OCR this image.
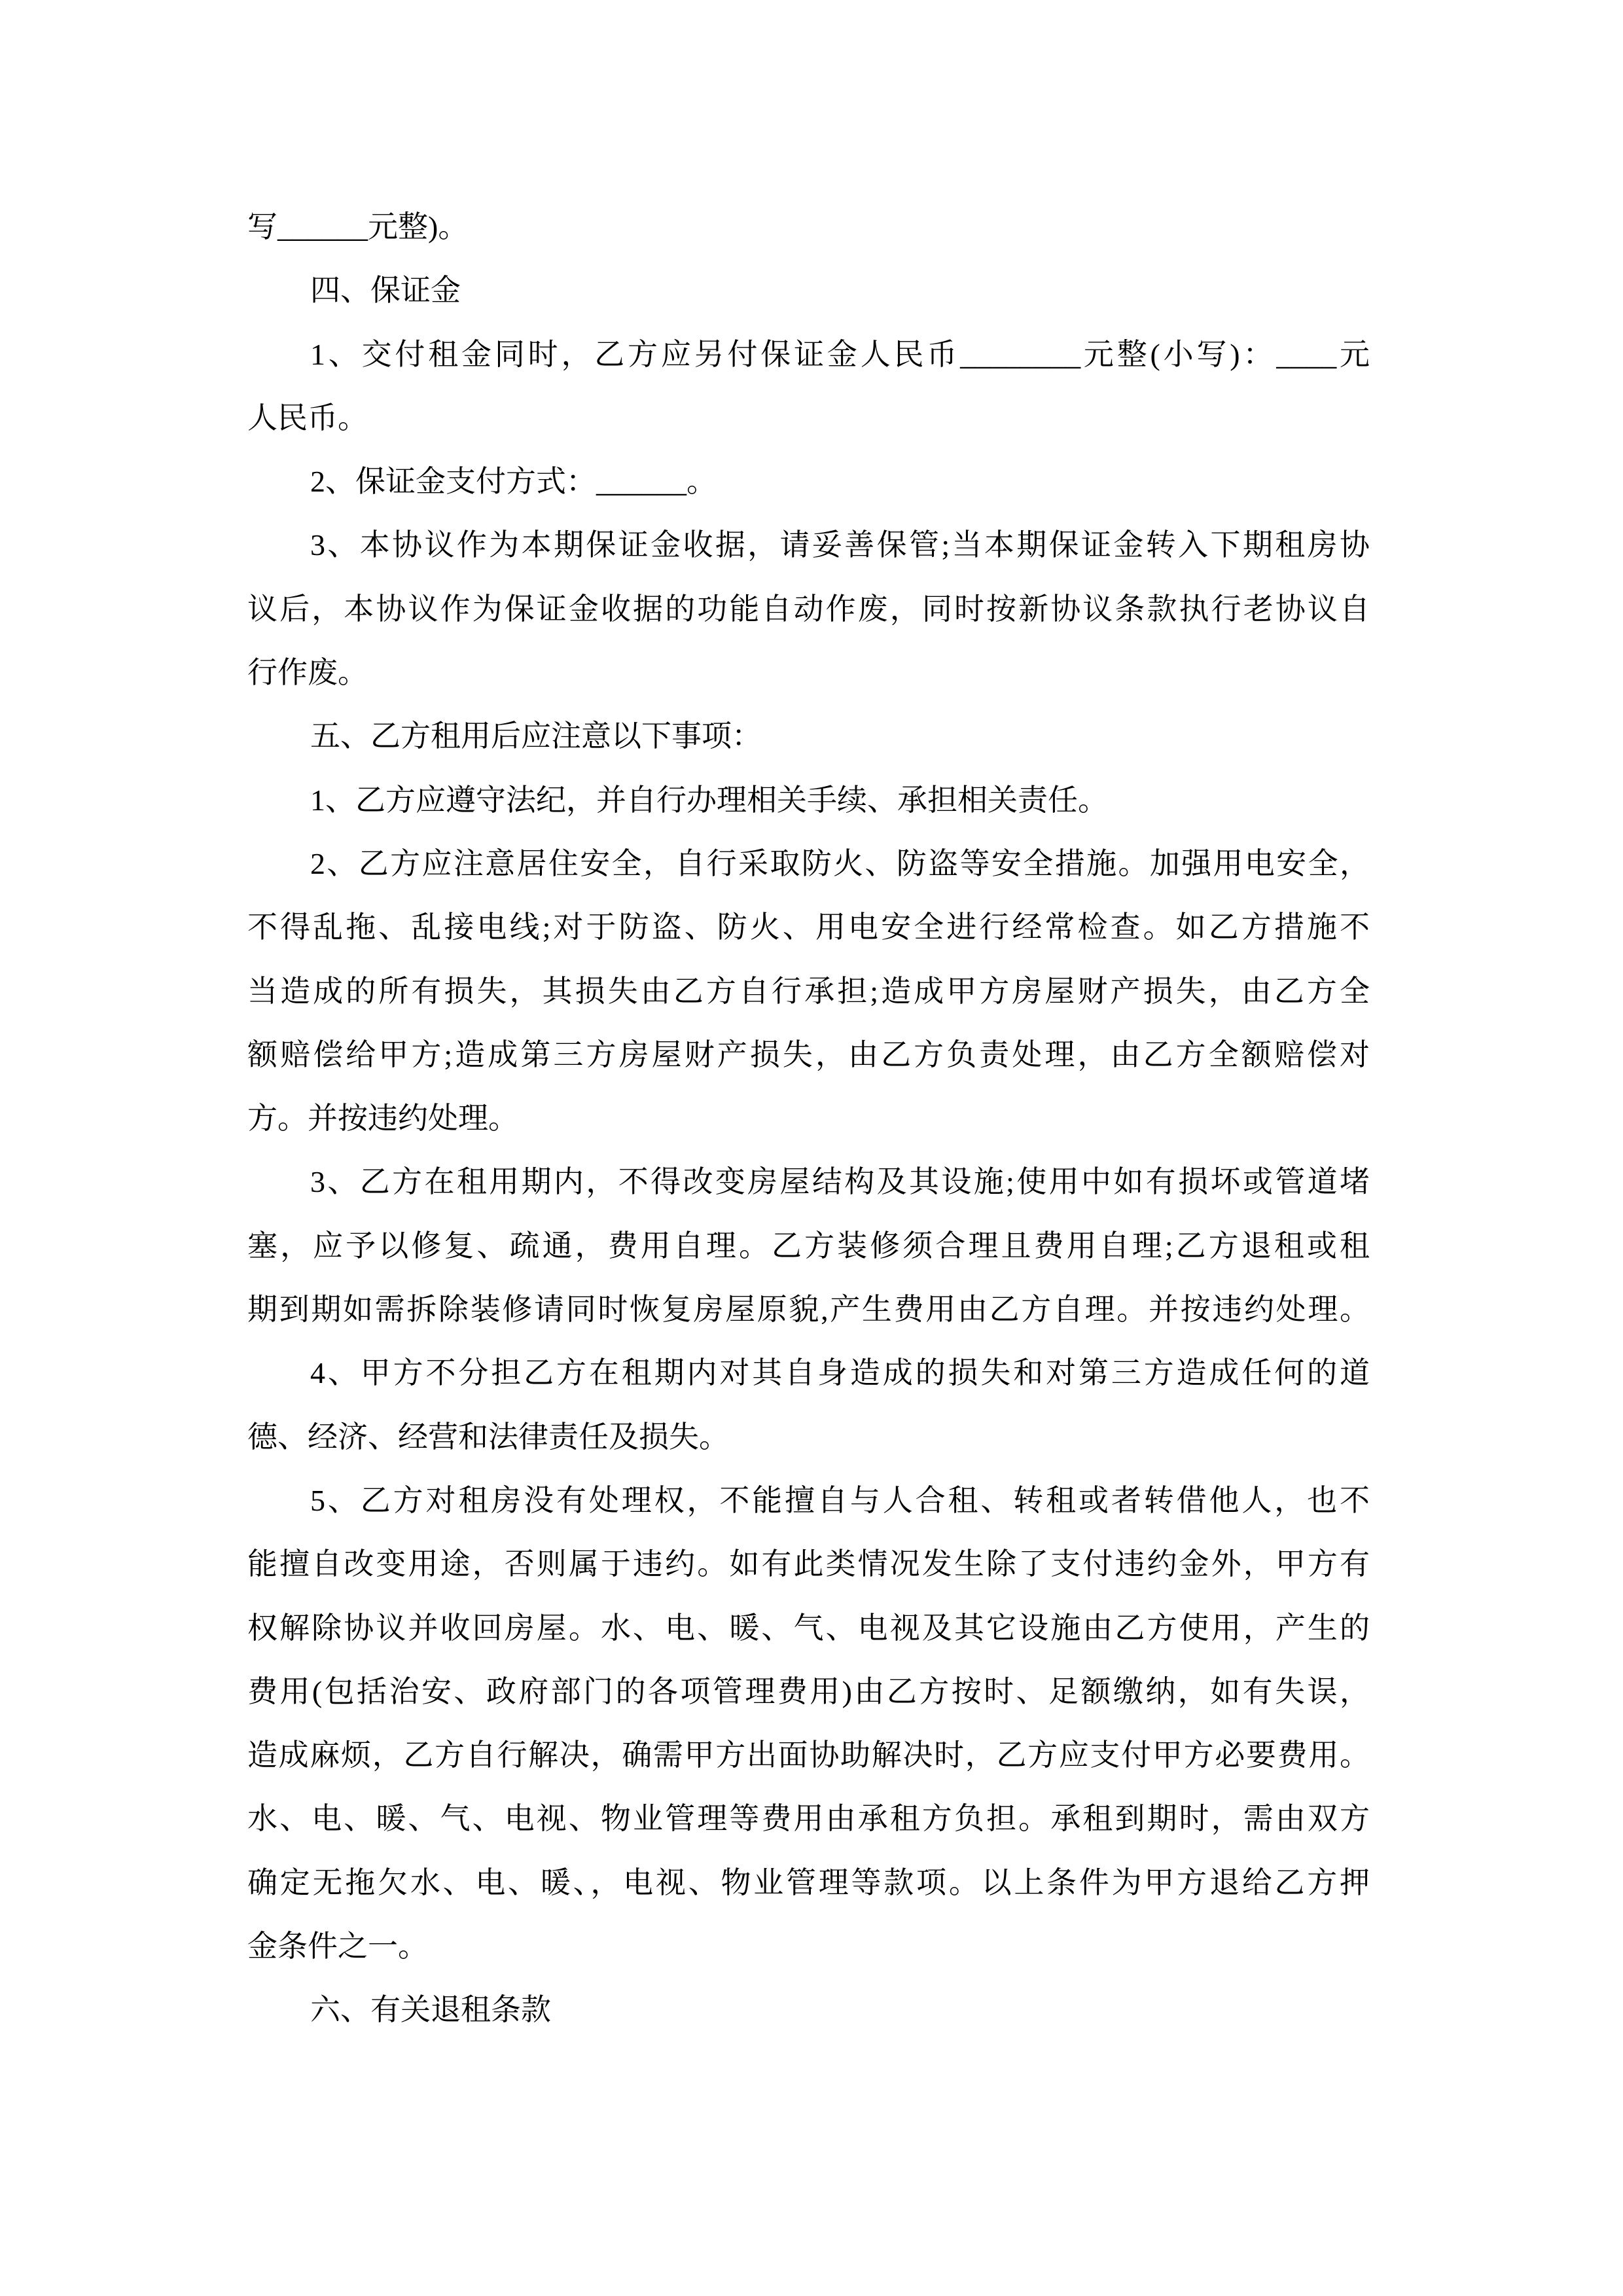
写______元整)。
四、保证金
1、交付租金同时，乙方应另付保证金人民币________元整(小写)：____元
人民币。
2、保证金支付方式：______。
3、本协议作为本期保证金收据，请妥善保管;当本期保证金转入下期租房协
议后，本协议作为保证金收据的功能自动作废，同时按新协议条款执行老协议自
行作废。
五、乙方租用后应注意以下事项：
1、乙方应遵守法纪，并自行办理相关手续、承担相关责任。
2、乙方应注意居住安全，自行采取防火、防盗等安全措施。加强用电安全，
不得乱拖、乱接电线;对于防盗、防火、用电安全进行经常检查。如乙方措施不
当造成的所有损失，其损失由乙方自行承担;造成甲方房屋财产损失，由乙方全
额赔偿给甲方;造成第三方房屋财产损失，由乙方负责处理，由乙方全额赔偿对
方。并按违约处理。
3、乙方在租用期内，不得改变房屋结构及其设施;使用中如有损坏或管道堵
塞，应予以修复、疏通，费用自理。乙方装修须合理且费用自理;乙方退租或租
期到期如需拆除装修请同时恢复房屋原貌,产生费用由乙方自理。并按违约处理。
4、甲方不分担乙方在租期内对其自身造成的损失和对第三方造成任何的道
德、经济、经营和法律责任及损失。
5、乙方对租房没有处理权，不能擅自与人合租、转租或者转借他人，也不
能擅自改变用途，否则属于违约。如有此类情况发生除了支付违约金外，甲方有
权解除协议并收回房屋。水、电、暖、气、电视及其它设施由乙方使用，产生的
费用(包括治安、政府部门的各项管理费用)由乙方按时、足额缴纳，如有失误，
造成麻烦，乙方自行解决，确需甲方出面协助解决时，乙方应支付甲方必要费用。
水、电、暖、气、电视、物业管理等费用由承租方负担。承租到期时，需由双方
确定无拖欠水、电、暖、，电视、物业管理等款项。以上条件为甲方退给乙方押
金条件之一。
六、有关退租条款
